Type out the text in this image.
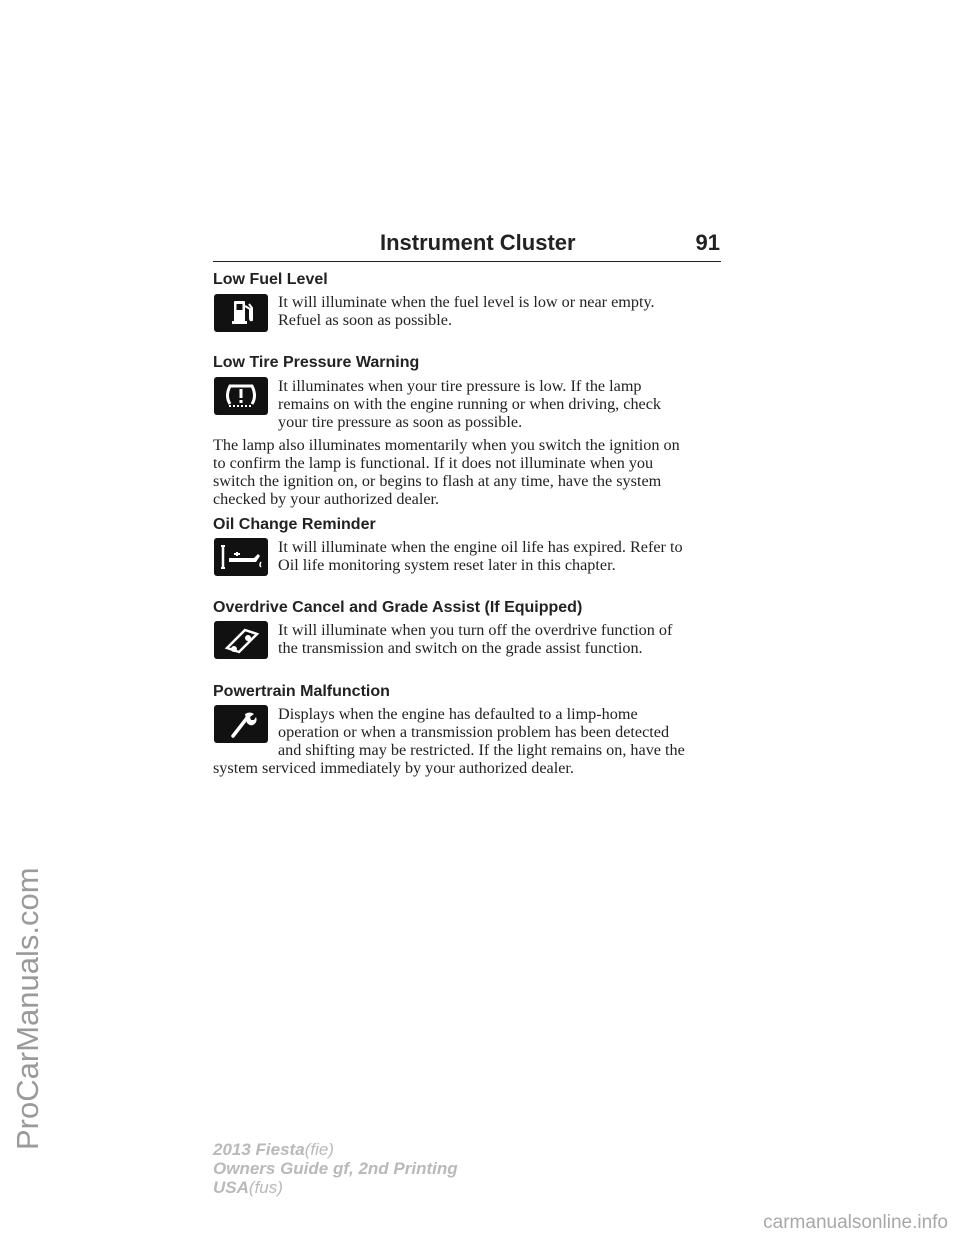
ProCarManuals.com
Instrument Cluster	91
Low Fuel Level
It will illuminate when the fuel level is low or near empty.
Refuel as soon as possible.
Low Tire Pressure Warning
It illuminates when your tire pressure is low. If the lamp
remains on with the engine running or when driving, check
your tire pressure as soon as possible.
The lamp also illuminates momentarily when you switch the ignition on
to confirm the lamp is functional. If it does not illuminate when you
switch the ignition on, or begins to flash at any time, have the system
checked by your authorized dealer.
Oil Change Reminder
It will illuminate when the engine oil life has expired. Refer to
Oil life monitoring system reset later in this chapter.
Overdrive Cancel and Grade Assist (If Equipped)
It will illuminate when you turn off the overdrive function of
the transmission and switch on the grade assist function.
Powertrain Malfunction
Displays when the engine has defaulted to a limp-home
operation or when a transmission problem has been detected
and shifting may be restricted. If the light remains on, have the
system serviced immediately by your authorized dealer.
2013 Fiesta(fie)
Owners Guide gf, 2nd Printing
USA(fus)
carmanualsonline.info
